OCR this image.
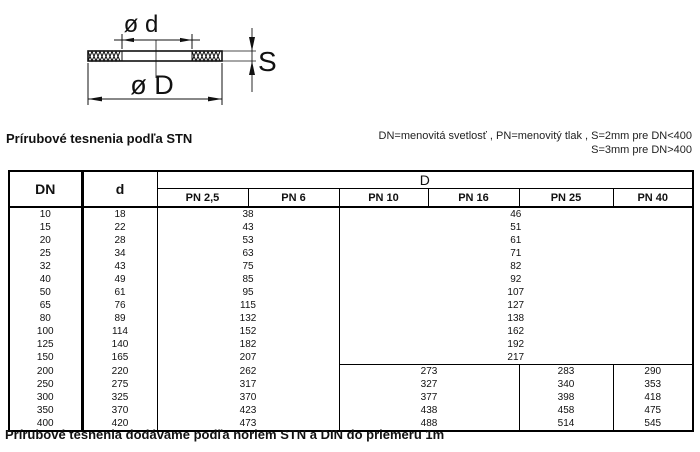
ø d
ø D
S
Prírubové tesnenia podľa STN	DN=menovitá svetlosť , PN=menovitý tlak , S=2mm pre DN<400
S=3mm pre DN>400
DN	d	D					
		PN 2,5	PN 6	PN 10	PN 16	PN 25	PN 40
10	18	38		46			
15	22	43		51			
20	28	53		61			
25	34	63		71			
32	43	75		82			
40	49	85		92			
50	61	95		107			
65	76	115		127			
80	89	132		138			
100	114	152		162			
125	140	182		192			
150	165	207		217			
200	220	262		273		283	290
250	275	317		327		340	353
300	325	370		377		398	418
350	370	423		438		458	475
400	420	473		488		514	545
Prírubové tesnenia dodávame podľa noriem STN a DIN do priemeru 1m
